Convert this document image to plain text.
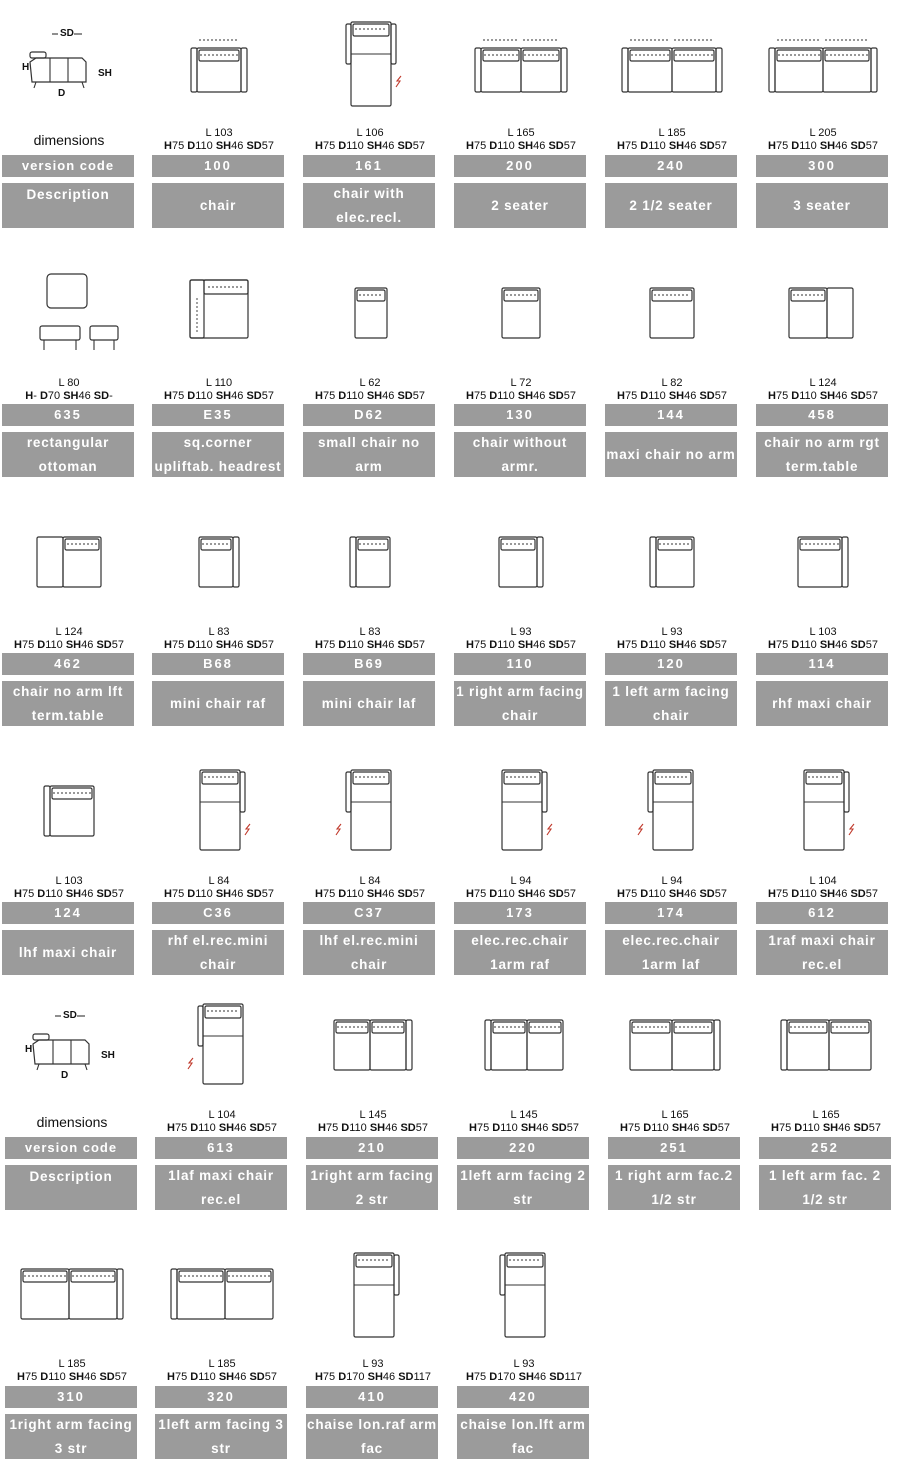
SD
H
SH
D
dimensions
version code
Description
L 103
H75 D110 SH46 SD57
100
chair
L 106
H75 D110 SH46 SD57
161
chair with elec.recl.
L 165
H75 D110 SH46 SD57
200
2 seater
L 185
H75 D110 SH46 SD57
240
2 1/2 seater
L 205
H75 D110 SH46 SD57
300
3 seater
L 80
H- D70 SH46 SD-
635
rectangular ottoman
L 110
H75 D110 SH46 SD57
E35
sq.corner upliftab. headrest
L 62
H75 D110 SH46 SD57
D62
small chair no arm
L 72
H75 D110 SH46 SD57
130
chair without armr.
L 82
H75 D110 SH46 SD57
144
maxi chair no arm
L 124
H75 D110 SH46 SD57
458
chair no arm rgt term.table
L 124
H75 D110 SH46 SD57
462
chair no arm lft term.table
L 83
H75 D110 SH46 SD57
B68
mini chair raf
L 83
H75 D110 SH46 SD57
B69
mini chair laf
L 93
H75 D110 SH46 SD57
110
1 right arm facing chair
L 93
H75 D110 SH46 SD57
120
1 left arm facing chair
L 103
H75 D110 SH46 SD57
114
rhf maxi chair
L 103
H75 D110 SH46 SD57
124
lhf maxi chair
L 84
H75 D110 SH46 SD57
C36
rhf el.rec.mini chair
L 84
H75 D110 SH46 SD57
C37
lhf el.rec.mini chair
L 94
H75 D110 SH46 SD57
173
elec.rec.chair 1arm raf
L 94
H75 D110 SH46 SD57
174
elec.rec.chair 1arm laf
L 104
H75 D110 SH46 SD57
612
1raf maxi chair rec.el
SD
H
SH
D
dimensions
version code
Description
L 104
H75 D110 SH46 SD57
613
1laf maxi chair rec.el
L 145
H75 D110 SH46 SD57
210
1right arm facing 2 str
L 145
H75 D110 SH46 SD57
220
1left arm facing 2 str
L 165
H75 D110 SH46 SD57
251
1 right arm fac.2 1/2 str
L 165
H75 D110 SH46 SD57
252
1 left arm fac. 2 1/2 str
L 185
H75 D110 SH46 SD57
310
1right arm facing 3 str
L 185
H75 D110 SH46 SD57
320
1left arm facing 3 str
L 93
H75 D170 SH46 SD117
410
chaise lon.raf arm fac
L 93
H75 D170 SH46 SD117
420
chaise lon.lft arm fac
